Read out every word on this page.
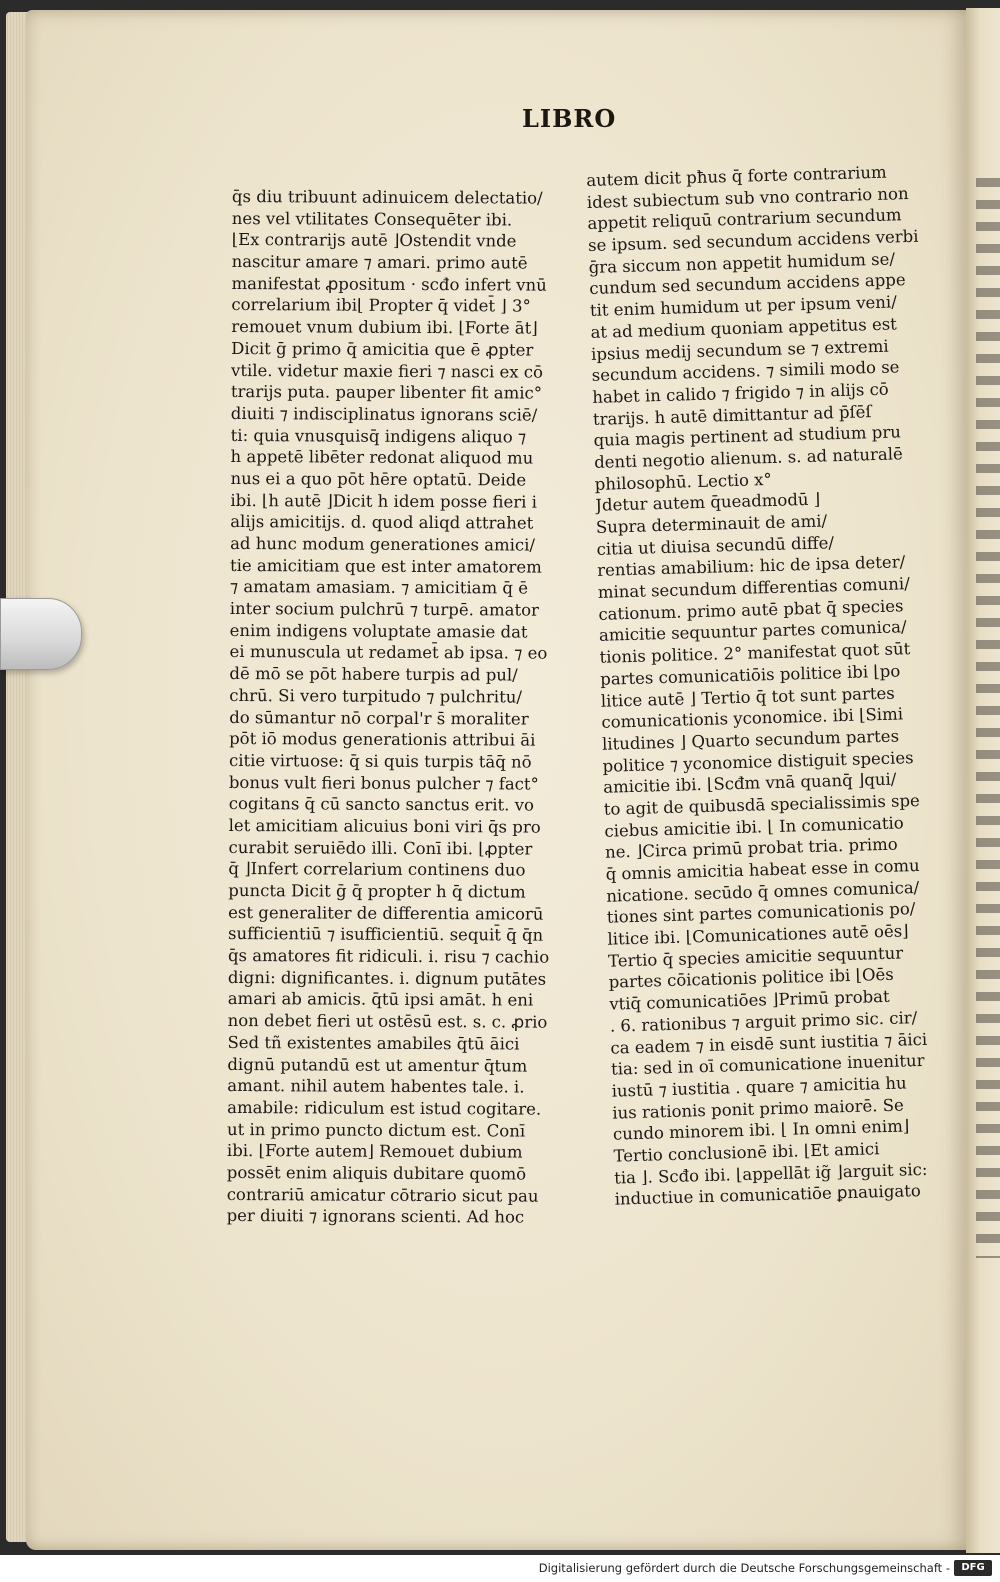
LIBRO
q̄s diu tribuunt adinuicem delectatio/
nes vel vtilitates Consequēter ibi.
⌊Ex contrarijs autē ⌋Ostendit vnde
nascitur amare ⁊ amari. primo autē
manifestat ꝓpositum · scđo infert vnū
correlarium ibi⌊ Propter q̄ videt̄ ⌋ 3°
remouet vnum dubium ibi. ⌊Forte āt⌋
Dicit ḡ primo q̄ amicitia que ē ꝓpter
vtile. videtur maxie fieri ⁊ nasci ex cō
trarijs puta. pauper libenter fit amic°
diuiti ⁊ indisciplinatus ignorans sciē/
ti: quia vnusquisq̄ indigens aliquo ⁊
h appetē libēter redonat aliquod mu
nus ei a quo pōt hēre optatū. Deide
ibi. ⌊h autē ⌋Dicit h idem posse fieri i
alijs amicitijs. d. quod aliqd attrahet
ad hunc modum generationes amici/
tie amicitiam que est inter amatorem
⁊ amatam amasiam. ⁊ amicitiam q̄ ē
inter socium pulchrū ⁊ turpē. amator
enim indigens voluptate amasie dat
ei munuscula ut redamet̄ ab ipsa. ⁊ eo
dē mō se pōt habere turpis ad pul/
chrū. Si vero turpitudo ⁊ pulchritu/
do sūmantur nō corpal'r s̄ moraliter
pōt iō modus generationis attribui āi
citie virtuose: q̄ si quis turpis tāq̄ nō
bonus vult fieri bonus pulcher ⁊ fact°
cogitans q̄ cū sancto sanctus erit. vo
let amicitiam alicuius boni viri q̄s pro
curabit seruiēdo illi. Conī ibi. ⌊ꝓpter
q̄ ⌋Infert correlarium continens duo
puncta Dicit ḡ q̄ propter h q̄ dictum
est generaliter de differentia amicorū
sufficientiū ⁊ isufficientiū. sequit̄ q̄ q̄n
q̄s amatores fit ridiculi. i. risu ⁊ cachio
digni: dignificantes. i. dignum putātes
amari ab amicis. q̄tū ipsi amāt. h eni
non debet fieri ut ostēsū est. s. c. ꝓrio
Sed tñ existentes amabiles q̄tū āici
dignū putandū est ut amentur q̄tum
amant. nihil autem habentes tale. i.
amabile: ridiculum est istud cogitare.
ut in primo puncto dictum est. Conī
ibi. ⌊Forte autem⌋ Remouet dubium
possēt enim aliquis dubitare quomō
contrariū amicatur cōtrario sicut pau
per diuiti ⁊ ignorans scienti. Ad hoc
autem dicit pħus q̄ forte contrarium
idest subiectum sub vno contrario non
appetit reliquū contrarium secundum
se ipsum. sed secundum accidens verbi
ḡra siccum non appetit humidum se/
cundum sed secundum accidens appe
tit enim humidum ut per ipsum veni/
at ad medium quoniam appetitus est
ipsius medij secundum se ⁊ extremi
secundum accidens. ⁊ simili modo se
habet in calido ⁊ frigido ⁊ in alijs cō
trarijs. h autē dimittantur ad p̄ſēſ
quia magis pertinent ad studium pru
denti negotio alienum. s. ad naturalē
philosophū. Lectio x°
Jdetur autem q̄ueadmodū ⌋
Supra determinauit de ami/
citia ut diuisa secundū diffe/
rentias amabilium: hic de ipsa deter/
minat secundum differentias comuni/
cationum. primo autē pbat q̄ species
amicitie sequuntur partes comunica/
tionis politice. 2° manifestat quot sūt
partes comunicatiōis politice ibi ⌊po
litice autē ⌋ Tertio q̄ tot sunt partes
comunicationis yconomice. ibi ⌊Simi
litudines ⌋ Quarto secundum partes
politice ⁊ yconomice distiguit species
amicitie ibi. ⌊Scđm vnā quanq̄ ⌋qui/
to agit de quibusdā specialissimis spe
ciebus amicitie ibi. ⌊ In comunicatio
ne. ⌋Circa primū probat tria. primo
q̄ omnis amicitia habeat esse in comu
nicatione. secūdo q̄ omnes comunica/
tiones sint partes comunicationis po/
litice ibi. ⌊Comunicationes autē oēs⌋
Tertio q̄ species amicitie sequuntur
partes cōicationis politice ibi ⌊Oēs
vtiq̄ comunicatiōes ⌋Primū probat
. 6. rationibus ⁊ arguit primo sic. cir/
ca eadem ⁊ in eisdē sunt iustitia ⁊ āici
tia: sed in oī comunicatione inuenitur
iustū ⁊ iustitia . quare ⁊ amicitia hu
ius rationis ponit primo maiorē. Se
cundo minorem ibi. ⌊ In omni enim⌋
Tertio conclusionē ibi. ⌊Et amici
tia ⌋. Scđo ibi. ⌊appellāt ig̃ ⌋arguit sic:
inductiue in comunicatiōe ꝑnauigato
Digitalisierung gefördert durch die Deutsche Forschungsgemeinschaft -	DFG
